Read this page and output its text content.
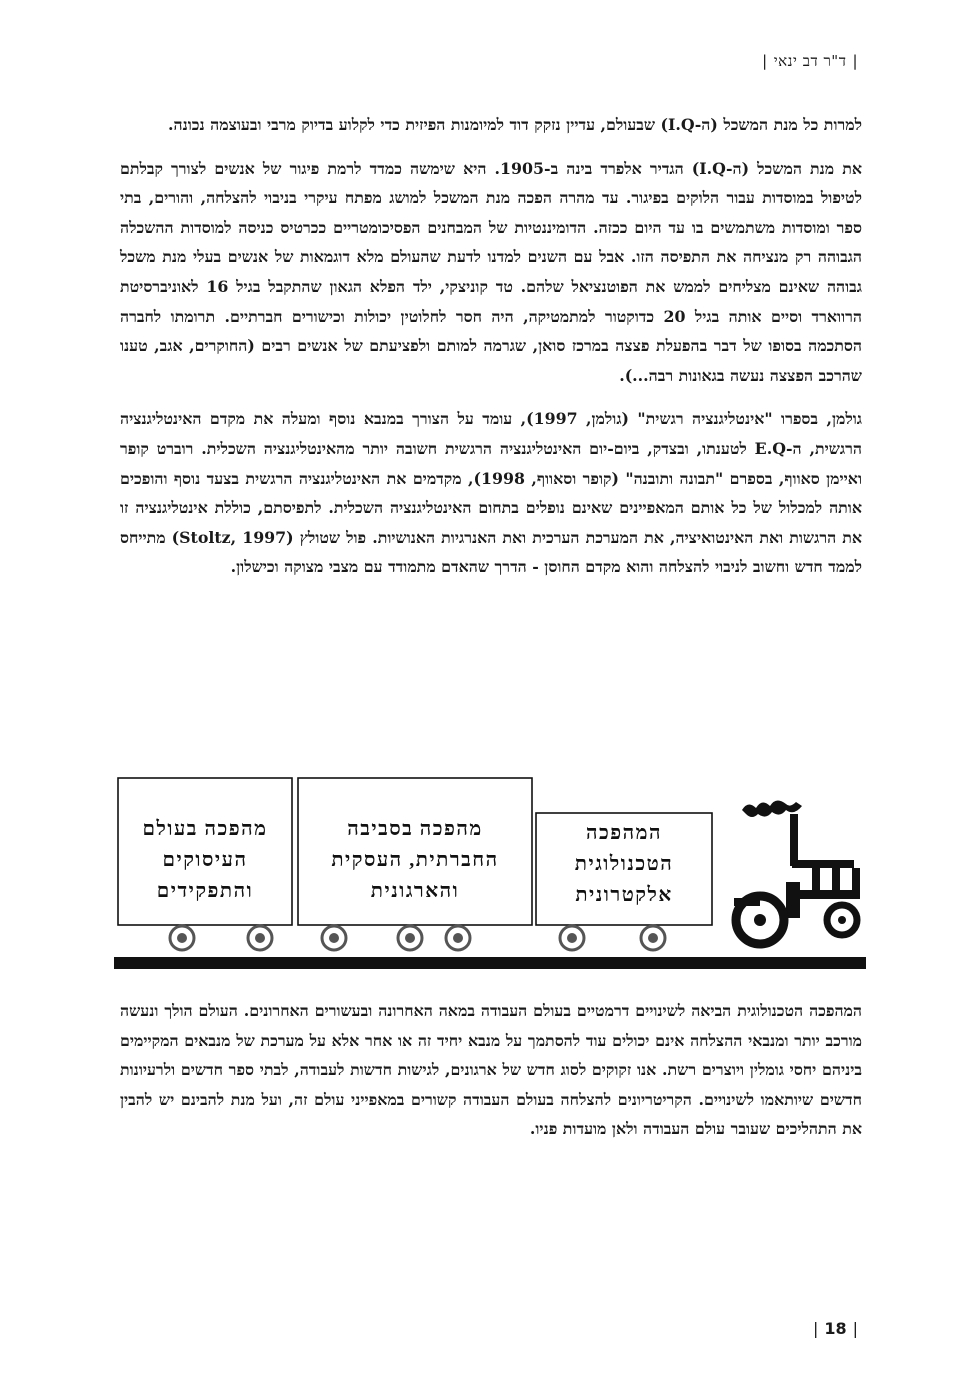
|ד"ר דב ינאי|

למרות כל מנת המשכל (ה-I.Q) שבעולם, עדיין נזקק דוד למיומנות הפיזית כדי לקלוע בדיוק מרבי ובעוצמה נכונה.

את מנת המשכל (ה-I.Q) הגדיר אלפרד בינה ב-1905. היא שימשה כמדד לרמת פיגור של אנשים לצורך קבלתם לטיפול במוסדות עבור הלוקים בפיגור. עד מהרה הפכה מנת המשכל למושג מפתח עיקרי בניבוי להצלחה, והורים, בתי ספר ומוסדות משתמשים בו עד היום ככזה. הדומיננטיות של המבחנים הפסיכומטריים ככרטיס כניסה למוסדות ההשכלה הגבוהה רק מנציחה את התפיסה הזו. אבל עם השנים למדנו לדעת שהעולם מלא דוגמאות של אנשים בעלי מנת משכל גבוהה שאינם מצליחים לממש את הפוטנציאל שלהם. טד קוניצקי, ילד הפלא הגאון שהתקבל בגיל 16 לאוניברסיטת הרווארד וסיים אותה בגיל 20 כדוקטור למתמטיקה, היה חסר לחלוטין יכולות וכישורים חברתיים. תרומתו לחברה הסתכמה בסופו של דבר בהפעלת פצצה במרכז סואן, שגרמה למותם ולפציעתם של אנשים רבים (החוקרים, אגב, טענו שהרכב הפצצה נעשה בגאונות רבה...).

גולמן, בספרו "אינטליגנציה רגשית" (גולמן, 1997), עומד על הצורך במנבא נוסף ומעלה את מקדם האינטליגנציה הרגשית, ה-E.Q לטענתו, ובצדק, ביום-יום האינטליגנציה הרגשית חשובה יותר מהאינטליגנציה השכלית. רוברט קופר ואיימן סאווף, בספרם "תבונה ותובנה" (קופר וסאווף, 1998), מקדמים את האינטליגנציה הרגשית בצעד נוסף והופכים אותה למכלול של כל אותם המאפיינים שאינם נופלים בתחום האינטליגנציה השכלית. לתפיסתם, כוללת אינטליגנציה זו את הרגשות ואת האינטואיציה, את המערכת הערכית ואת האנרגיות האנושיות. פול שטולץ (Stoltz, 1997) מתייחס לממד חדש וחשוב לניבוי להצלחה והוא מקדם החוסן - הדרך שהאדם מתמודד עם מצבי מצוקה וכישלון.

מהפכה בעולם
העיסוקים
והתפקידים
מהפכה בסביבה
החברתית, העסקית
והארגונית
המהפכה
הטכנולוגית
אלקטרונית

המהפכה הטכנולוגית הביאה לשינויים דרמטיים בעולם העבודה במאה האחרונה ובעשורים האחרונים. העולם הולך ונעשה מורכב יותר ומנבאי ההצלחה אינם יכולים עוד להסתמך על מנבא יחיד זה או אחר אלא על מערכת של מנבאים המקיימים ביניהם יחסי גומלין ויוצרים רשת. אנו זקוקים לסוג חדש של ארגונים, לגישות חדשות לעבודה, לבתי ספר חדשים ולרעיונות חדשים שיותאמו לשינויים. הקריטריונים להצלחה בעולם העבודה קשורים במאפייני עולם זה, ועל מנת להבינם יש להבין את התהליכים שעובר עולם העבודה ולאן מועדות פניו.

|18|
